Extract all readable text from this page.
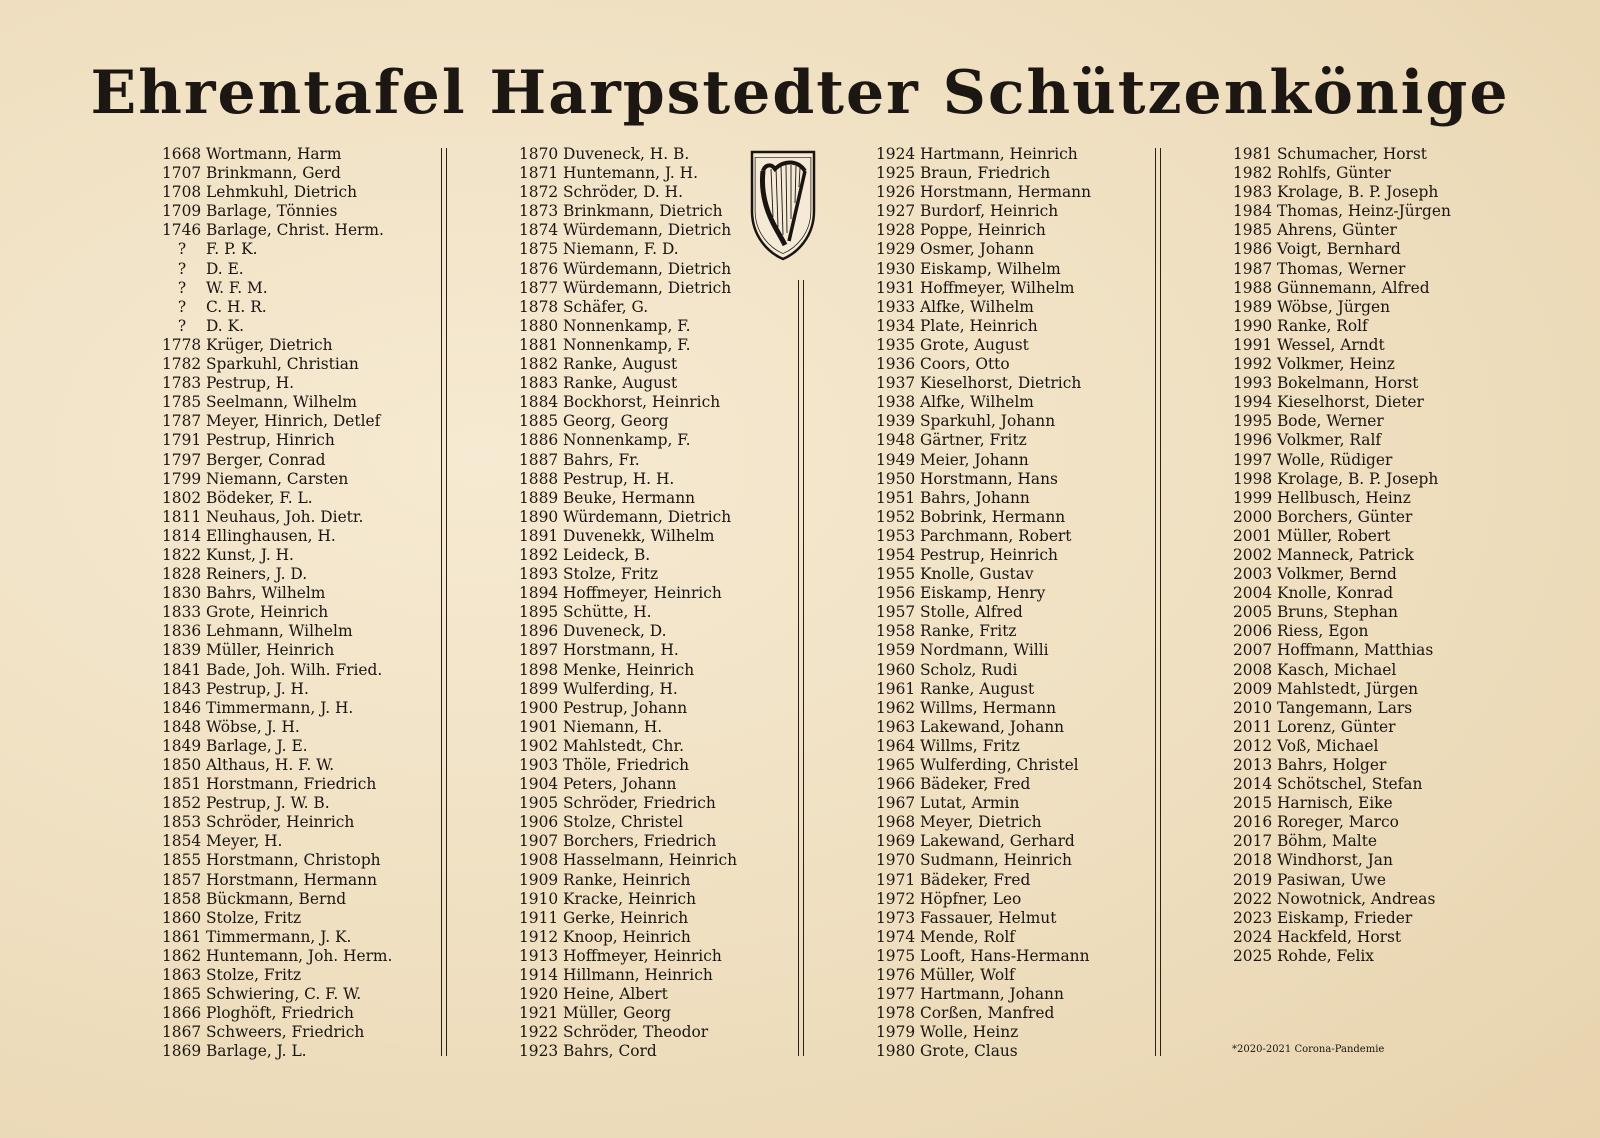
Ehrentafel Harpstedter Schützenkönige
1668 Wortmann, Harm
1707 Brinkmann, Gerd
1708 Lehmkuhl, Dietrich
1709 Barlage, Tönnies
1746 Barlage, Christ. Herm.
?	F. P. K.
?	D. E.
?	W. F. M.
?	C. H. R.
?	D. K.
1778 Krüger, Dietrich
1782 Sparkuhl, Christian
1783 Pestrup, H.
1785 Seelmann, Wilhelm
1787 Meyer, Hinrich, Detlef
1791 Pestrup, Hinrich
1797 Berger, Conrad
1799 Niemann, Carsten
1802 Bödeker, F. L.
1811 Neuhaus, Joh. Dietr.
1814 Ellinghausen, H.
1822 Kunst, J. H.
1828 Reiners, J. D.
1830 Bahrs, Wilhelm
1833 Grote, Heinrich
1836 Lehmann, Wilhelm
1839 Müller, Heinrich
1841 Bade, Joh. Wilh. Fried.
1843 Pestrup, J. H.
1846 Timmermann, J. H.
1848 Wöbse, J. H.
1849 Barlage, J. E.
1850 Althaus, H. F. W.
1851 Horstmann, Friedrich
1852 Pestrup, J. W. B.
1853 Schröder, Heinrich
1854 Meyer, H.
1855 Horstmann, Christoph
1857 Horstmann, Hermann
1858 Bückmann, Bernd
1860 Stolze, Fritz
1861 Timmermann, J. K.
1862 Huntemann, Joh. Herm.
1863 Stolze, Fritz
1865 Schwiering, C. F. W.
1866 Ploghöft, Friedrich
1867 Schweers, Friedrich
1869 Barlage, J. L.
1870 Duveneck, H. B.
1871 Huntemann, J. H.
1872 Schröder, D. H.
1873 Brinkmann, Dietrich
1874 Würdemann, Dietrich
1875 Niemann, F. D.
1876 Würdemann, Dietrich
1877 Würdemann, Dietrich
1878 Schäfer, G.
1880 Nonnenkamp, F.
1881 Nonnenkamp, F.
1882 Ranke, August
1883 Ranke, August
1884 Bockhorst, Heinrich
1885 Georg, Georg
1886 Nonnenkamp, F.
1887 Bahrs, Fr.
1888 Pestrup, H. H.
1889 Beuke, Hermann
1890 Würdemann, Dietrich
1891 Duvenekk, Wilhelm
1892 Leideck, B.
1893 Stolze, Fritz
1894 Hoffmeyer, Heinrich
1895 Schütte, H.
1896 Duveneck, D.
1897 Horstmann, H.
1898 Menke, Heinrich
1899 Wulferding, H.
1900 Pestrup, Johann
1901 Niemann, H.
1902 Mahlstedt, Chr.
1903 Thöle, Friedrich
1904 Peters, Johann
1905 Schröder, Friedrich
1906 Stolze, Christel
1907 Borchers, Friedrich
1908 Hasselmann, Heinrich
1909 Ranke, Heinrich
1910 Kracke, Heinrich
1911 Gerke, Heinrich
1912 Knoop, Heinrich
1913 Hoffmeyer, Heinrich
1914 Hillmann, Heinrich
1920 Heine, Albert
1921 Müller, Georg
1922 Schröder, Theodor
1923 Bahrs, Cord
1924 Hartmann, Heinrich
1925 Braun, Friedrich
1926 Horstmann, Hermann
1927 Burdorf, Heinrich
1928 Poppe, Heinrich
1929 Osmer, Johann
1930 Eiskamp, Wilhelm
1931 Hoffmeyer, Wilhelm
1933 Alfke, Wilhelm
1934 Plate, Heinrich
1935 Grote, August
1936 Coors, Otto
1937 Kieselhorst, Dietrich
1938 Alfke, Wilhelm
1939 Sparkuhl, Johann
1948 Gärtner, Fritz
1949 Meier, Johann
1950 Horstmann, Hans
1951 Bahrs, Johann
1952 Bobrink, Hermann
1953 Parchmann, Robert
1954 Pestrup, Heinrich
1955 Knolle, Gustav
1956 Eiskamp, Henry
1957 Stolle, Alfred
1958 Ranke, Fritz
1959 Nordmann, Willi
1960 Scholz, Rudi
1961 Ranke, August
1962 Willms, Hermann
1963 Lakewand, Johann
1964 Willms, Fritz
1965 Wulferding, Christel
1966 Bädeker, Fred
1967 Lutat, Armin
1968 Meyer, Dietrich
1969 Lakewand, Gerhard
1970 Sudmann, Heinrich
1971 Bädeker, Fred
1972 Höpfner, Leo
1973 Fassauer, Helmut
1974 Mende, Rolf
1975 Looft, Hans-Hermann
1976 Müller, Wolf
1977 Hartmann, Johann
1978 Corßen, Manfred
1979 Wolle, Heinz
1980 Grote, Claus
1981 Schumacher, Horst
1982 Rohlfs, Günter
1983 Krolage, B. P. Joseph
1984 Thomas, Heinz-Jürgen
1985 Ahrens, Günter
1986 Voigt, Bernhard
1987 Thomas, Werner
1988 Günnemann, Alfred
1989 Wöbse, Jürgen
1990 Ranke, Rolf
1991 Wessel, Arndt
1992 Volkmer, Heinz
1993 Bokelmann, Horst
1994 Kieselhorst, Dieter
1995 Bode, Werner
1996 Volkmer, Ralf
1997 Wolle, Rüdiger
1998 Krolage, B. P. Joseph
1999 Hellbusch, Heinz
2000 Borchers, Günter
2001 Müller, Robert
2002 Manneck, Patrick
2003 Volkmer, Bernd
2004 Knolle, Konrad
2005 Bruns, Stephan
2006 Riess, Egon
2007 Hoffmann, Matthias
2008 Kasch, Michael
2009 Mahlstedt, Jürgen
2010 Tangemann, Lars
2011 Lorenz, Günter
2012 Voß, Michael
2013 Bahrs, Holger
2014 Schötschel, Stefan
2015 Harnisch, Eike
2016 Roreger, Marco
2017 Böhm, Malte
2018 Windhorst, Jan
2019 Pasiwan, Uwe
2022 Nowotnick, Andreas
2023 Eiskamp, Frieder
2024 Hackfeld, Horst
2025 Rohde, Felix
*2020-2021 Corona-Pandemie
